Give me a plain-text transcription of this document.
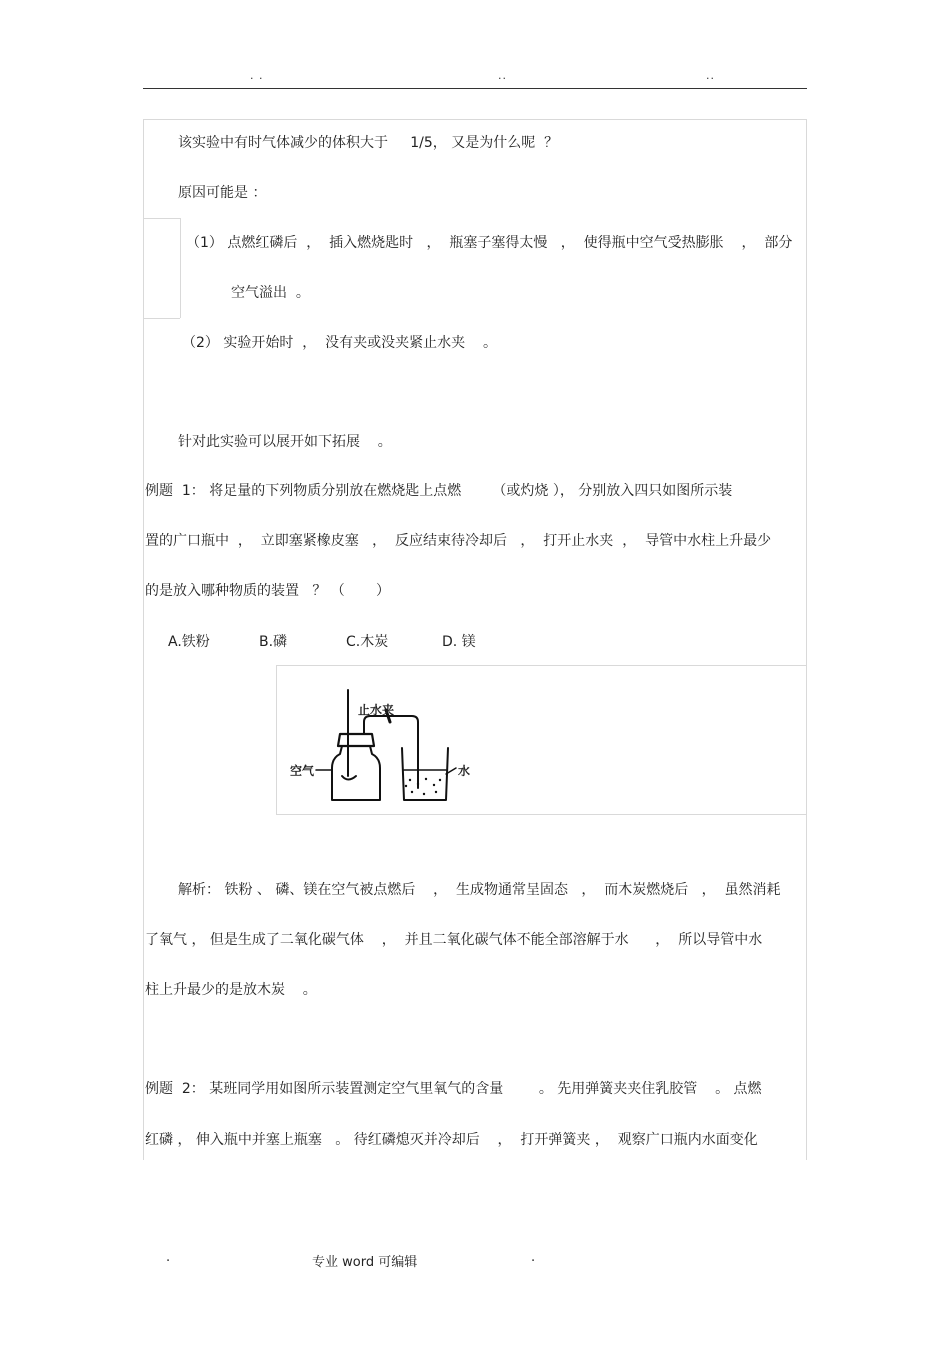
· ·	··	··
该实验中有时气体减少的体积大于     1/5， 又是为什么呢  ？
原因可能是 ：
（1） 点燃红磷后  ，  插入燃烧匙时   ，  瓶塞子塞得太慢   ，  使得瓶中空气受热膨胀    ，  部分
空气溢出  。
（2） 实验开始时  ，  没有夹或没夹紧止水夹    。
针对此实验可以展开如下拓展    。
例题  1： 将足量的下列物质分别放在燃烧匙上点燃       （或灼烧 ）， 分别放入四只如图所示装
置的广口瓶中  ，  立即塞紧橡皮塞   ，  反应结束待冷却后   ，  打开止水夹  ，  导管中水柱上升最少
的是放入哪种物质的装置   ？ （       ）
A.铁粉	B.磷	C.木炭	D. 镁
止水夹
空气	水
解析： 铁粉 、 磷、镁在空气被点燃后    ，  生成物通常呈固态   ，  而木炭燃烧后   ，  虽然消耗
了氧气 ， 但是生成了二氧化碳气体    ，  并且二氧化碳气体不能全部溶解于水      ，  所以导管中水
柱上升最少的是放木炭    。
例题  2： 某班同学用如图所示装置测定空气里氧气的含量        。 先用弹簧夹夹住乳胶管    。 点燃
红磷 ， 伸入瓶中并塞上瓶塞   。 待红磷熄灭并冷却后    ，  打开弹簧夹 ，  观察广口瓶内水面变化
.	专业 word 可编辑	.
